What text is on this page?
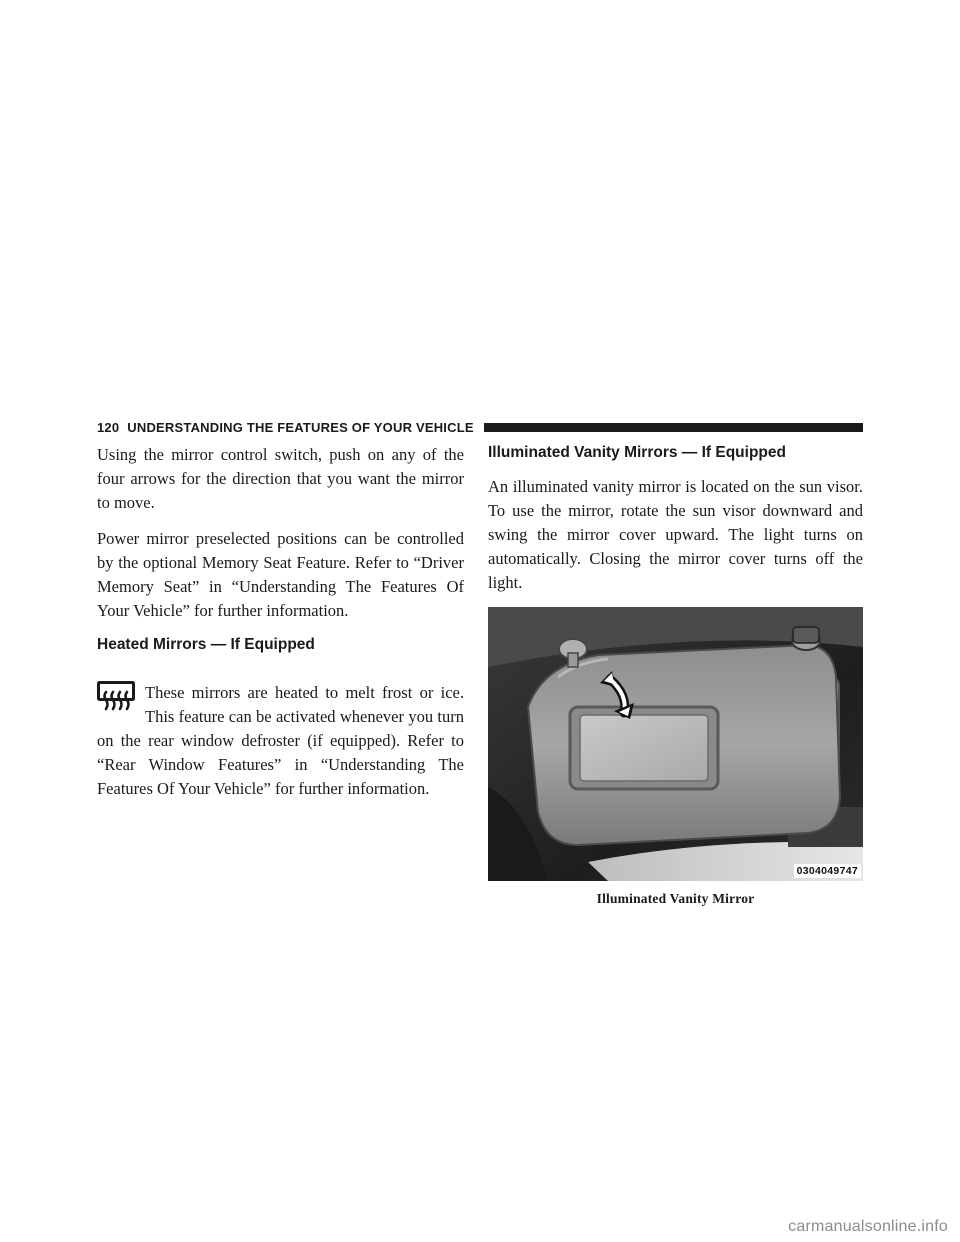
120 UNDERSTANDING THE FEATURES OF YOUR VEHICLE

Using the mirror control switch, push on any of the four arrows for the direction that you want the mirror to move.

Power mirror preselected positions can be controlled by the optional Memory Seat Feature. Refer to “Driver Memory Seat” in “Understanding The Features Of Your Vehicle” for further information.

Heated Mirrors — If Equipped

These mirrors are heated to melt frost or ice. This feature can be activated whenever you turn on the rear window defroster (if equipped). Refer to “Rear Window Features” in “Understanding The Features Of Your Vehicle” for further information.

Illuminated Vanity Mirrors — If Equipped

An illuminated vanity mirror is located on the sun visor. To use the mirror, rotate the sun visor downward and swing the mirror cover upward. The light turns on automatically. Closing the mirror cover turns off the light.

0304049747
Illuminated Vanity Mirror
carmanualsonline.info
